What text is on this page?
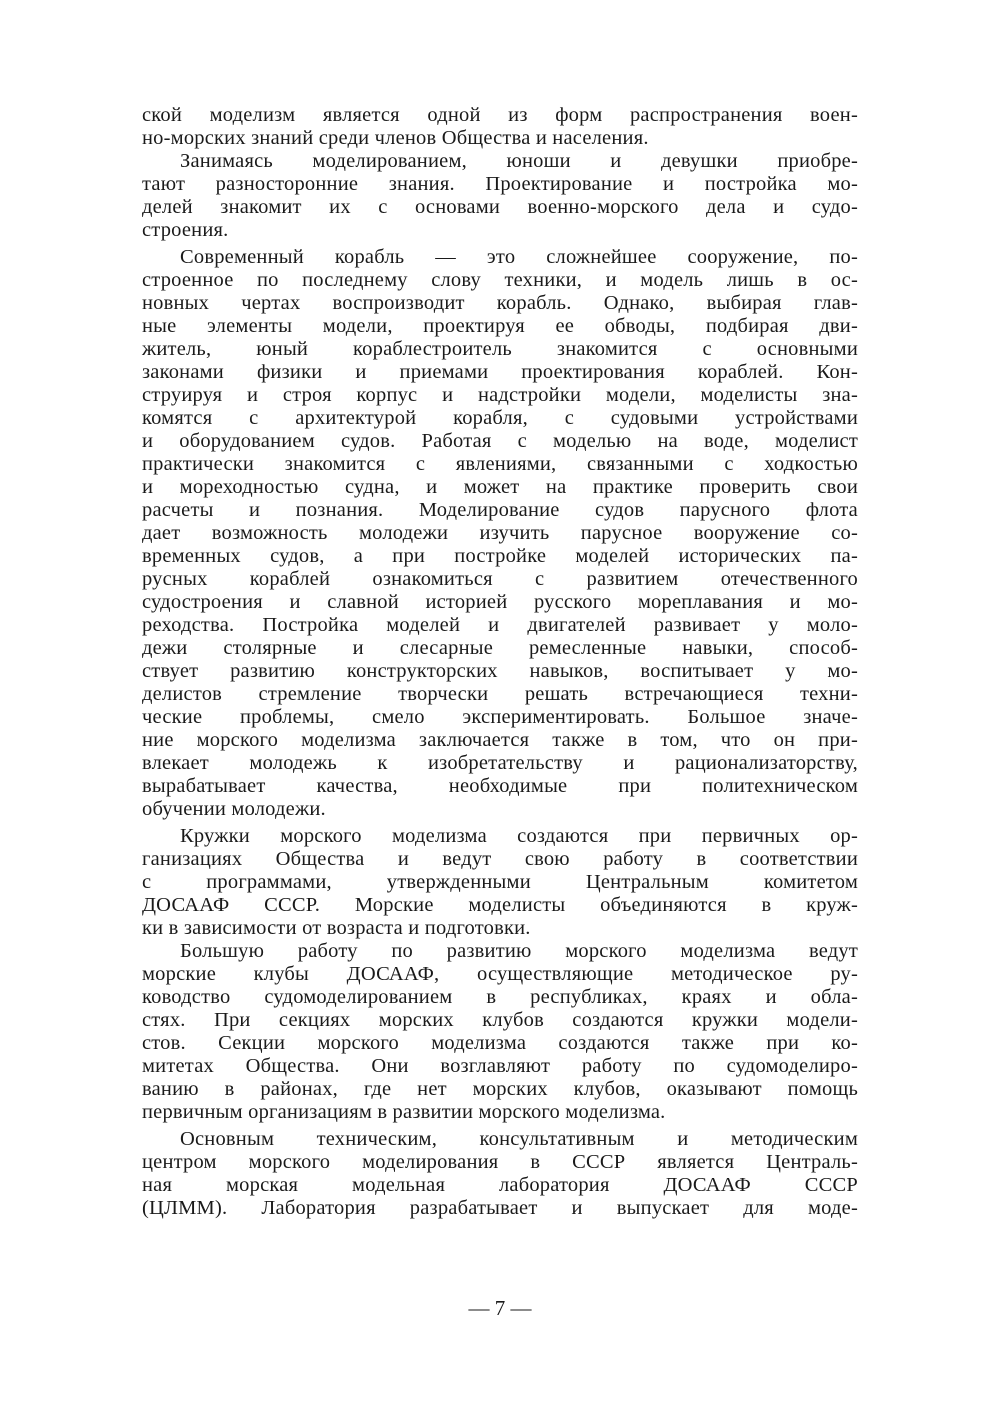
ской моделизм является одной из форм распространения воен-
но-морских знаний среди членов Общества и населения.
Занимаясь моделированием, юноши и девушки приобре-
тают разносторонние знания. Проектирование и постройка мо-
делей знакомит их с основами военно-морского дела и судо-
строения.
Современный корабль — это сложнейшее сооружение, по-
строенное по последнему слову техники, и модель лишь в ос-
новных чертах воспроизводит корабль. Однако, выбирая глав-
ные элементы модели, проектируя ее обводы, подбирая дви-
житель, юный кораблестроитель знакомится с основными
законами физики и приемами проектирования кораблей. Кон-
струируя и строя корпус и надстройки модели, моделисты зна-
комятся с архитектурой корабля, с судовыми устройствами
и оборудованием судов. Работая с моделью на воде, моделист
практически знакомится с явлениями, связанными с ходкостью
и мореходностью судна, и может на практике проверить свои
расчеты и познания. Моделирование судов парусного флота
дает возможность молодежи изучить парусное вооружение со-
временных судов, а при постройке моделей исторических па-
русных кораблей ознакомиться с развитием отечественного
судостроения и славной историей русского мореплавания и мо-
реходства. Постройка моделей и двигателей развивает у моло-
дежи столярные и слесарные ремесленные навыки, способ-
ствует развитию конструкторских навыков, воспитывает у мо-
делистов стремление творчески решать встречающиеся техни-
ческие проблемы, смело экспериментировать. Большое значе-
ние морского моделизма заключается также в том, что он при-
влекает молодежь к изобретательству и рационализаторству,
вырабатывает качества, необходимые при политехническом
обучении молодежи.
Кружки морского моделизма создаются при первичных ор-
ганизациях Общества и ведут свою работу в соответствии
с программами, утвержденными Центральным комитетом
ДОСААФ СССР. Морские моделисты объединяются в круж-
ки в зависимости от возраста и подготовки.
Большую работу по развитию морского моделизма ведут
морские клубы ДОСААФ, осуществляющие методическое ру-
ководство судомоделированием в республиках, краях и обла-
стях. При секциях морских клубов создаются кружки модели-
стов. Секции морского моделизма создаются также при ко-
митетах Общества. Они возглавляют работу по судомоделиро-
ванию в районах, где нет морских клубов, оказывают помощь
первичным организациям в развитии морского моделизма.
Основным техническим, консультативным и методическим
центром морского моделирования в СССР является Централь-
ная морская модельная лаборатория ДОСААФ СССР
(ЦЛММ). Лаборатория разрабатывает и выпускает для моде-
— 7 —
